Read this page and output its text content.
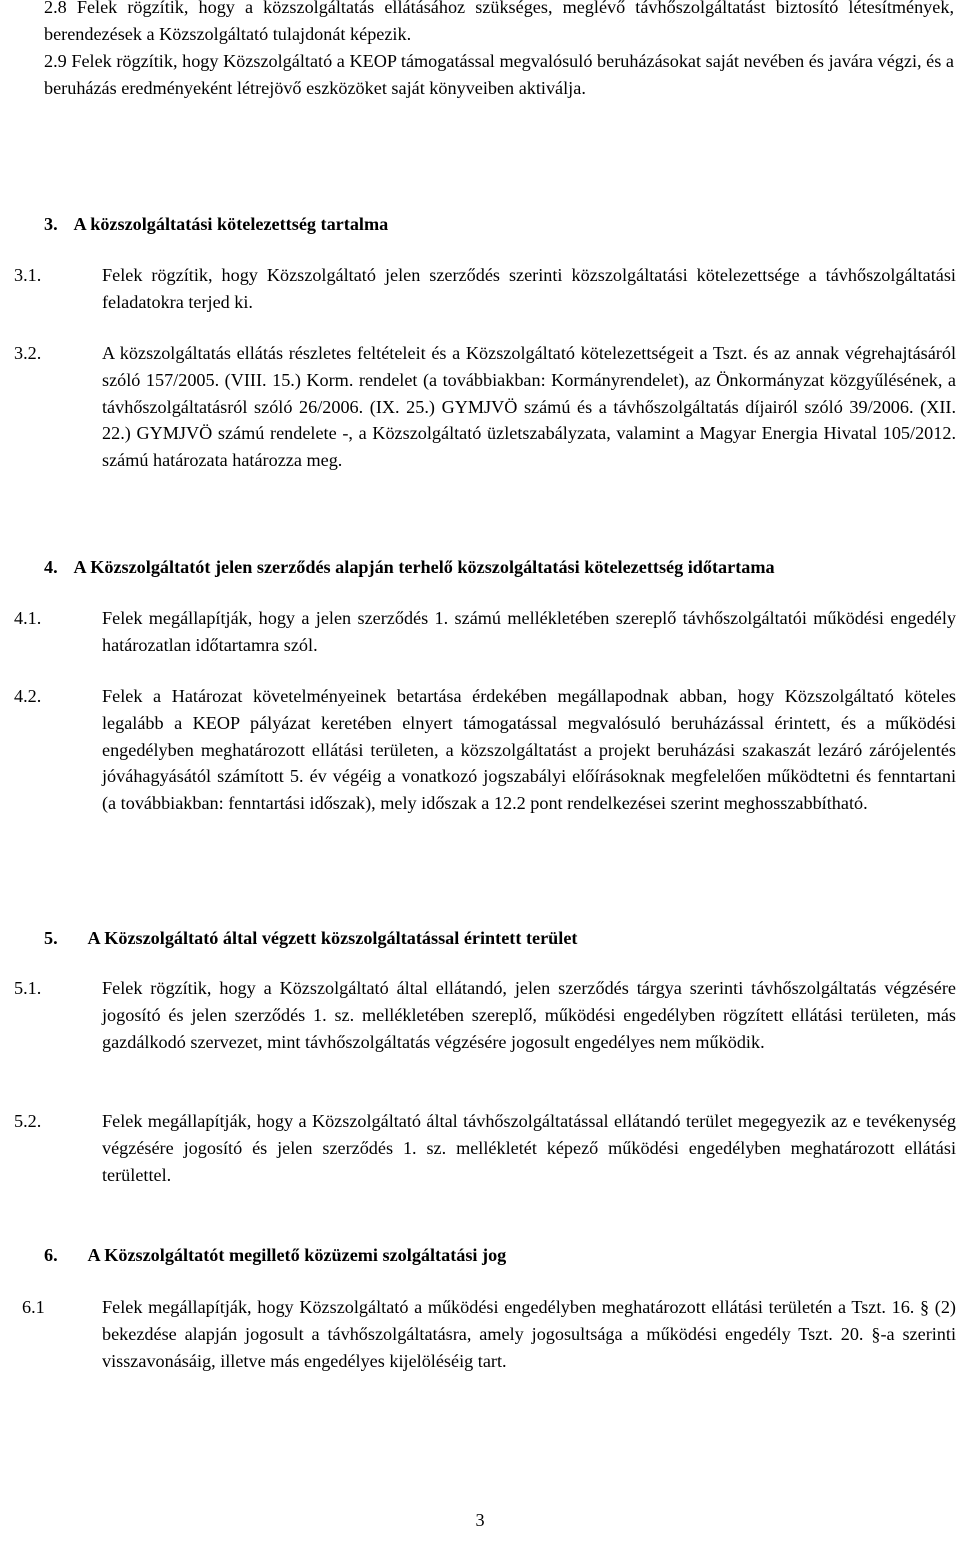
2.8 Felek rögzítik, hogy a közszolgáltatás ellátásához szükséges, meglévő távhőszolgáltatást biztosító létesítmények, berendezések a Közszolgáltató tulajdonát képezik.

2.9 Felek rögzítik, hogy Közszolgáltató a KEOP támogatással megvalósuló beruházásokat saját nevében és javára végzi, és a beruházás eredményeként létrejövő eszközöket saját könyveiben aktiválja.

3. A közszolgáltatási kötelezettség tartalma

3.1.	Felek rögzítik, hogy Közszolgáltató jelen szerződés szerinti közszolgáltatási kötelezettsége a távhőszolgáltatási feladatokra terjed ki.

3.2.	A közszolgáltatás ellátás részletes feltételeit és a Közszolgáltató kötelezettségeit a Tszt. és az annak végrehajtásáról szóló 157/2005. (VIII. 15.) Korm. rendelet (a továbbiakban: Kormányrendelet), az Önkormányzat közgyűlésének, a távhőszolgáltatásról szóló 26/2006. (IX. 25.) GYMJVÖ számú és a távhőszolgáltatás díjairól szóló 39/2006. (XII. 22.) GYMJVÖ számú rendelete -, a Közszolgáltató üzletszabályzata, valamint a Magyar Energia Hivatal 105/2012. számú határozata határozza meg.

4. A Közszolgáltatót jelen szerződés alapján terhelő közszolgáltatási kötelezettség időtartama

4.1.	Felek megállapítják, hogy a jelen szerződés 1. számú mellékletében szereplő távhőszolgáltatói működési engedély határozatlan időtartamra szól.

4.2.	Felek a Határozat követelményeinek betartása érdekében megállapodnak abban, hogy Közszolgáltató köteles legalább a KEOP pályázat keretében elnyert támogatással megvalósuló beruházással érintett, és a működési engedélyben meghatározott ellátási területen, a közszolgáltatást a projekt beruházási szakaszát lezáró zárójelentés jóváhagyásától számított 5. év végéig a vonatkozó jogszabályi előírásoknak megfelelően működtetni és fenntartani (a továbbiakban: fenntartási időszak), mely időszak a 12.2 pont rendelkezései szerint meghosszabbítható.

5. A Közszolgáltató által végzett közszolgáltatással érintett terület

5.1.	Felek rögzítik, hogy a Közszolgáltató által ellátandó, jelen szerződés tárgya szerinti távhőszolgáltatás végzésére jogosító és jelen szerződés 1. sz. mellékletében szereplő, működési engedélyben rögzített ellátási területen, más gazdálkodó szervezet, mint távhőszolgáltatás végzésére jogosult engedélyes nem működik.

5.2.	Felek megállapítják, hogy a Közszolgáltató által távhőszolgáltatással ellátandó terület megegyezik az e tevékenység végzésére jogosító és jelen szerződés 1. sz. mellékletét képező működési engedélyben meghatározott ellátási területtel.

6. A Közszolgáltatót megillető közüzemi szolgáltatási jog

6.1	Felek megállapítják, hogy Közszolgáltató a működési engedélyben meghatározott ellátási területén a Tszt. 16. § (2) bekezdése alapján jogosult a távhőszolgáltatásra, amely jogosultsága a működési engedély Tszt. 20. §-a szerinti visszavonásáig, illetve más engedélyes kijelöléséig tart.

3
